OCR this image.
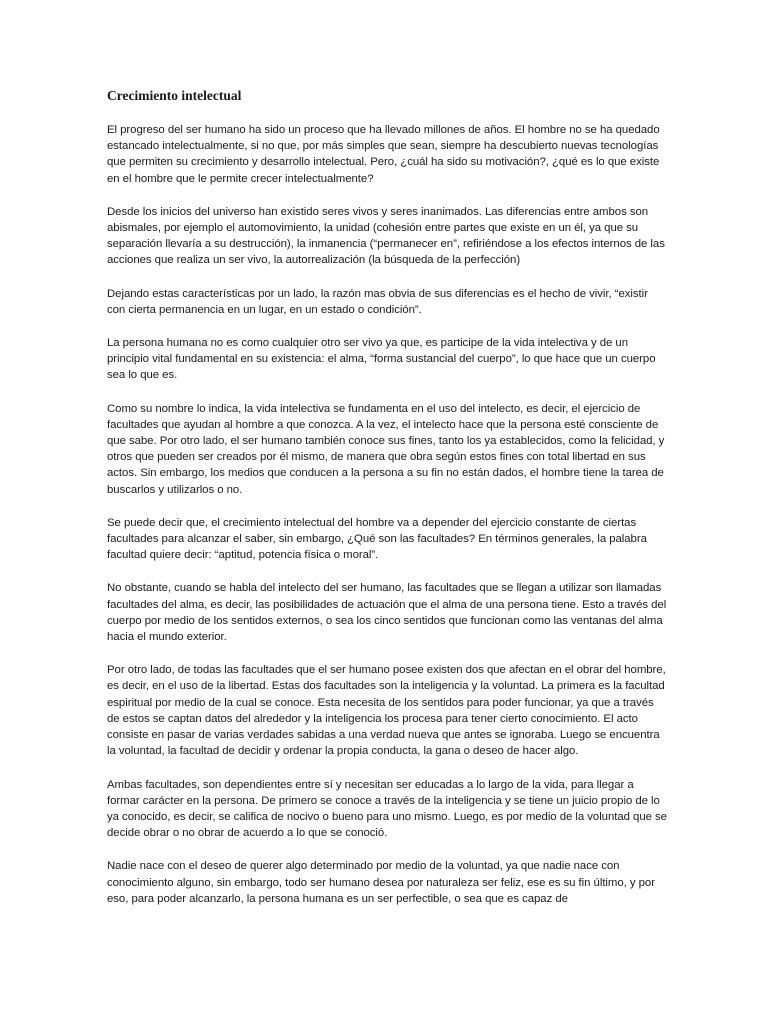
Crecimiento intelectual

El progreso del ser humano ha sido un proceso que ha llevado millones de años. El hombre no se ha quedado estancado intelectualmente, si no que, por más simples que sean, siempre ha descubierto nuevas tecnologías que permiten su crecimiento y desarrollo intelectual. Pero, ¿cuál ha sido su motivación?, ¿qué es lo que existe en el hombre que le permite crecer intelectualmente?

Desde los inicios del universo han existido seres vivos y seres inanimados. Las diferencias entre ambos son abismales, por ejemplo el automovimiento, la unidad (cohesión entre partes que existe en un él, ya que su separación llevaría a su destrucción), la inmanencia (“permanecer en”, refiriéndose a los efectos internos de las acciones que realiza un ser vivo, la autorrealización (la búsqueda de la perfección)

Dejando estas características por un lado, la razón mas obvia de sus diferencias es el hecho de vivir, “existir con cierta permanencia en un lugar, en un estado o condición”.

La persona humana no es como cualquier otro ser vivo ya que, es participe de la vida intelectiva y de un principio vital fundamental en su existencia: el alma, “forma sustancial del cuerpo”, lo que hace que un cuerpo sea lo que es.

Como su nombre lo indica, la vida intelectiva se fundamenta en el uso del intelecto, es decir, el ejercicio de facultades que ayudan al hombre a que conozca. A la vez, el intelecto hace que la persona esté consciente de que sabe. Por otro lado, el ser humano también conoce sus fines, tanto los ya establecidos, como la felicidad, y otros que pueden ser creados por él mismo, de manera que obra según estos fines con total libertad en sus actos. Sin embargo, los medios que conducen a la persona a su fin no están dados, el hombre tiene la tarea de buscarlos y utilizarlos o no.

Se puede decir que, el crecimiento intelectual del hombre va a depender del ejercicio constante de ciertas facultades para alcanzar el saber, sin embargo, ¿Qué son las facultades? En términos generales, la palabra facultad quiere decir: “aptitud, potencia física o moral”.

No obstante, cuando se habla del intelecto del ser humano, las facultades que se llegan a utilizar son llamadas facultades del alma, es decir, las posibilidades de actuación que el alma de una persona tiene. Esto a través del cuerpo por medio de los sentidos externos, o sea los cinco sentidos que funcionan como las ventanas del alma hacia el mundo exterior.

Por otro lado, de todas las facultades que el ser humano posee existen dos que afectan en el obrar del hombre, es decir, en el uso de la libertad. Estas dos facultades son la inteligencia y la voluntad. La primera es la facultad espiritual por medio de la cual se conoce. Esta necesita de los sentidos para poder funcionar, ya que a través de estos se captan datos del alrededor y la inteligencia los procesa para tener cierto conocimiento. El acto consiste en pasar de varias verdades sabidas a una verdad nueva que antes se ignoraba. Luego se encuentra la voluntad, la facultad de decidir y ordenar la propia conducta, la gana o deseo de hacer algo.

Ambas facultades, son dependientes entre sí y necesitan ser educadas a lo largo de la vida, para llegar a formar carácter en la persona. De primero se conoce a través de la inteligencia y se tiene un juicio propio de lo ya conocido, es decir, se califica de nocivo o bueno para uno mismo. Luego, es por medio de la voluntad que se decide obrar o no obrar de acuerdo a lo que se conoció.

Nadie nace con el deseo de querer algo determinado por medio de la voluntad, ya que nadie nace con conocimiento alguno, sin embargo, todo ser humano desea por naturaleza ser feliz, ese es su fin último, y por eso, para poder alcanzarlo, la persona humana es un ser perfectible, o sea que es capaz de
